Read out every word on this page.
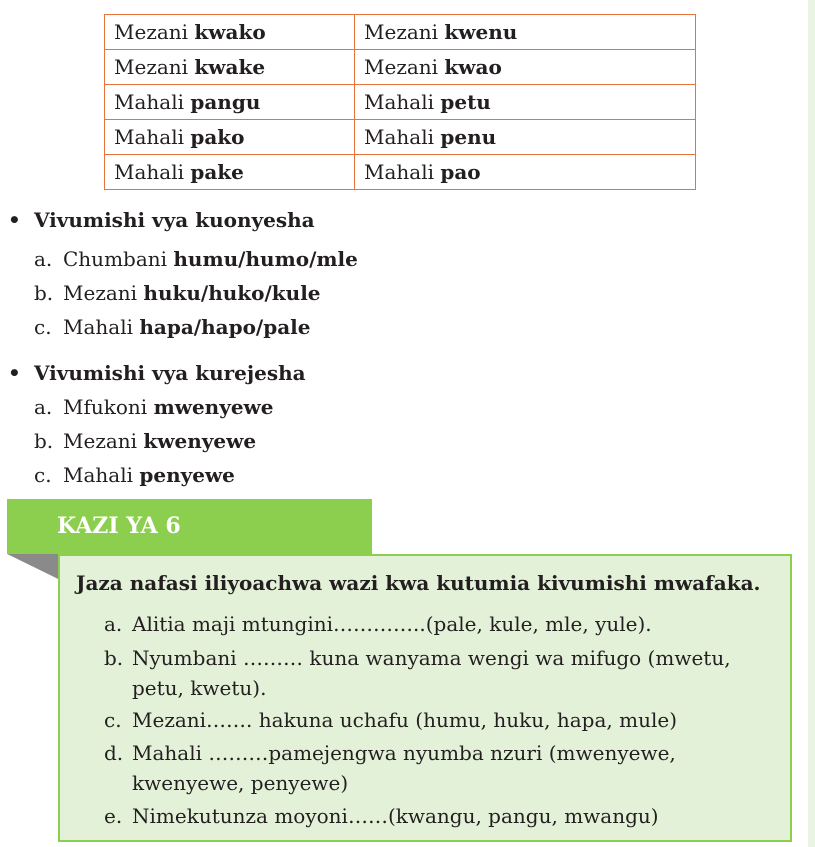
Mezani kwako	Mezani kwenu
Mezani kwake	Mezani kwao
Mahali pangu	Mahali petu
Mahali pako	Mahali penu
Mahali pake	Mahali pao
• Vivumishi vya kuonyesha
a. Chumbani humu/humo/mle
b. Mezani huku/huko/kule
c. Mahali hapa/hapo/pale
• Vivumishi vya kurejesha
a. Mfukoni mwenyewe
b. Mezani kwenyewe
c. Mahali penyewe
KAZI YA 6
Jaza nafasi iliyoachwa wazi kwa kutumia kivumishi mwafaka.
a. Alitia maji mtungini…………..(pale, kule, mle, yule).
b. Nyumbani ……… kuna wanyama wengi wa mifugo (mwetu, petu, kwetu).
c. Mezani……. hakuna uchafu (humu, huku, hapa, mule)
d. Mahali ………pamejengwa nyumba nzuri (mwenyewe, kwenyewe, penyewe)
e. Nimekutunza moyoni……(kwangu, pangu, mwangu)
